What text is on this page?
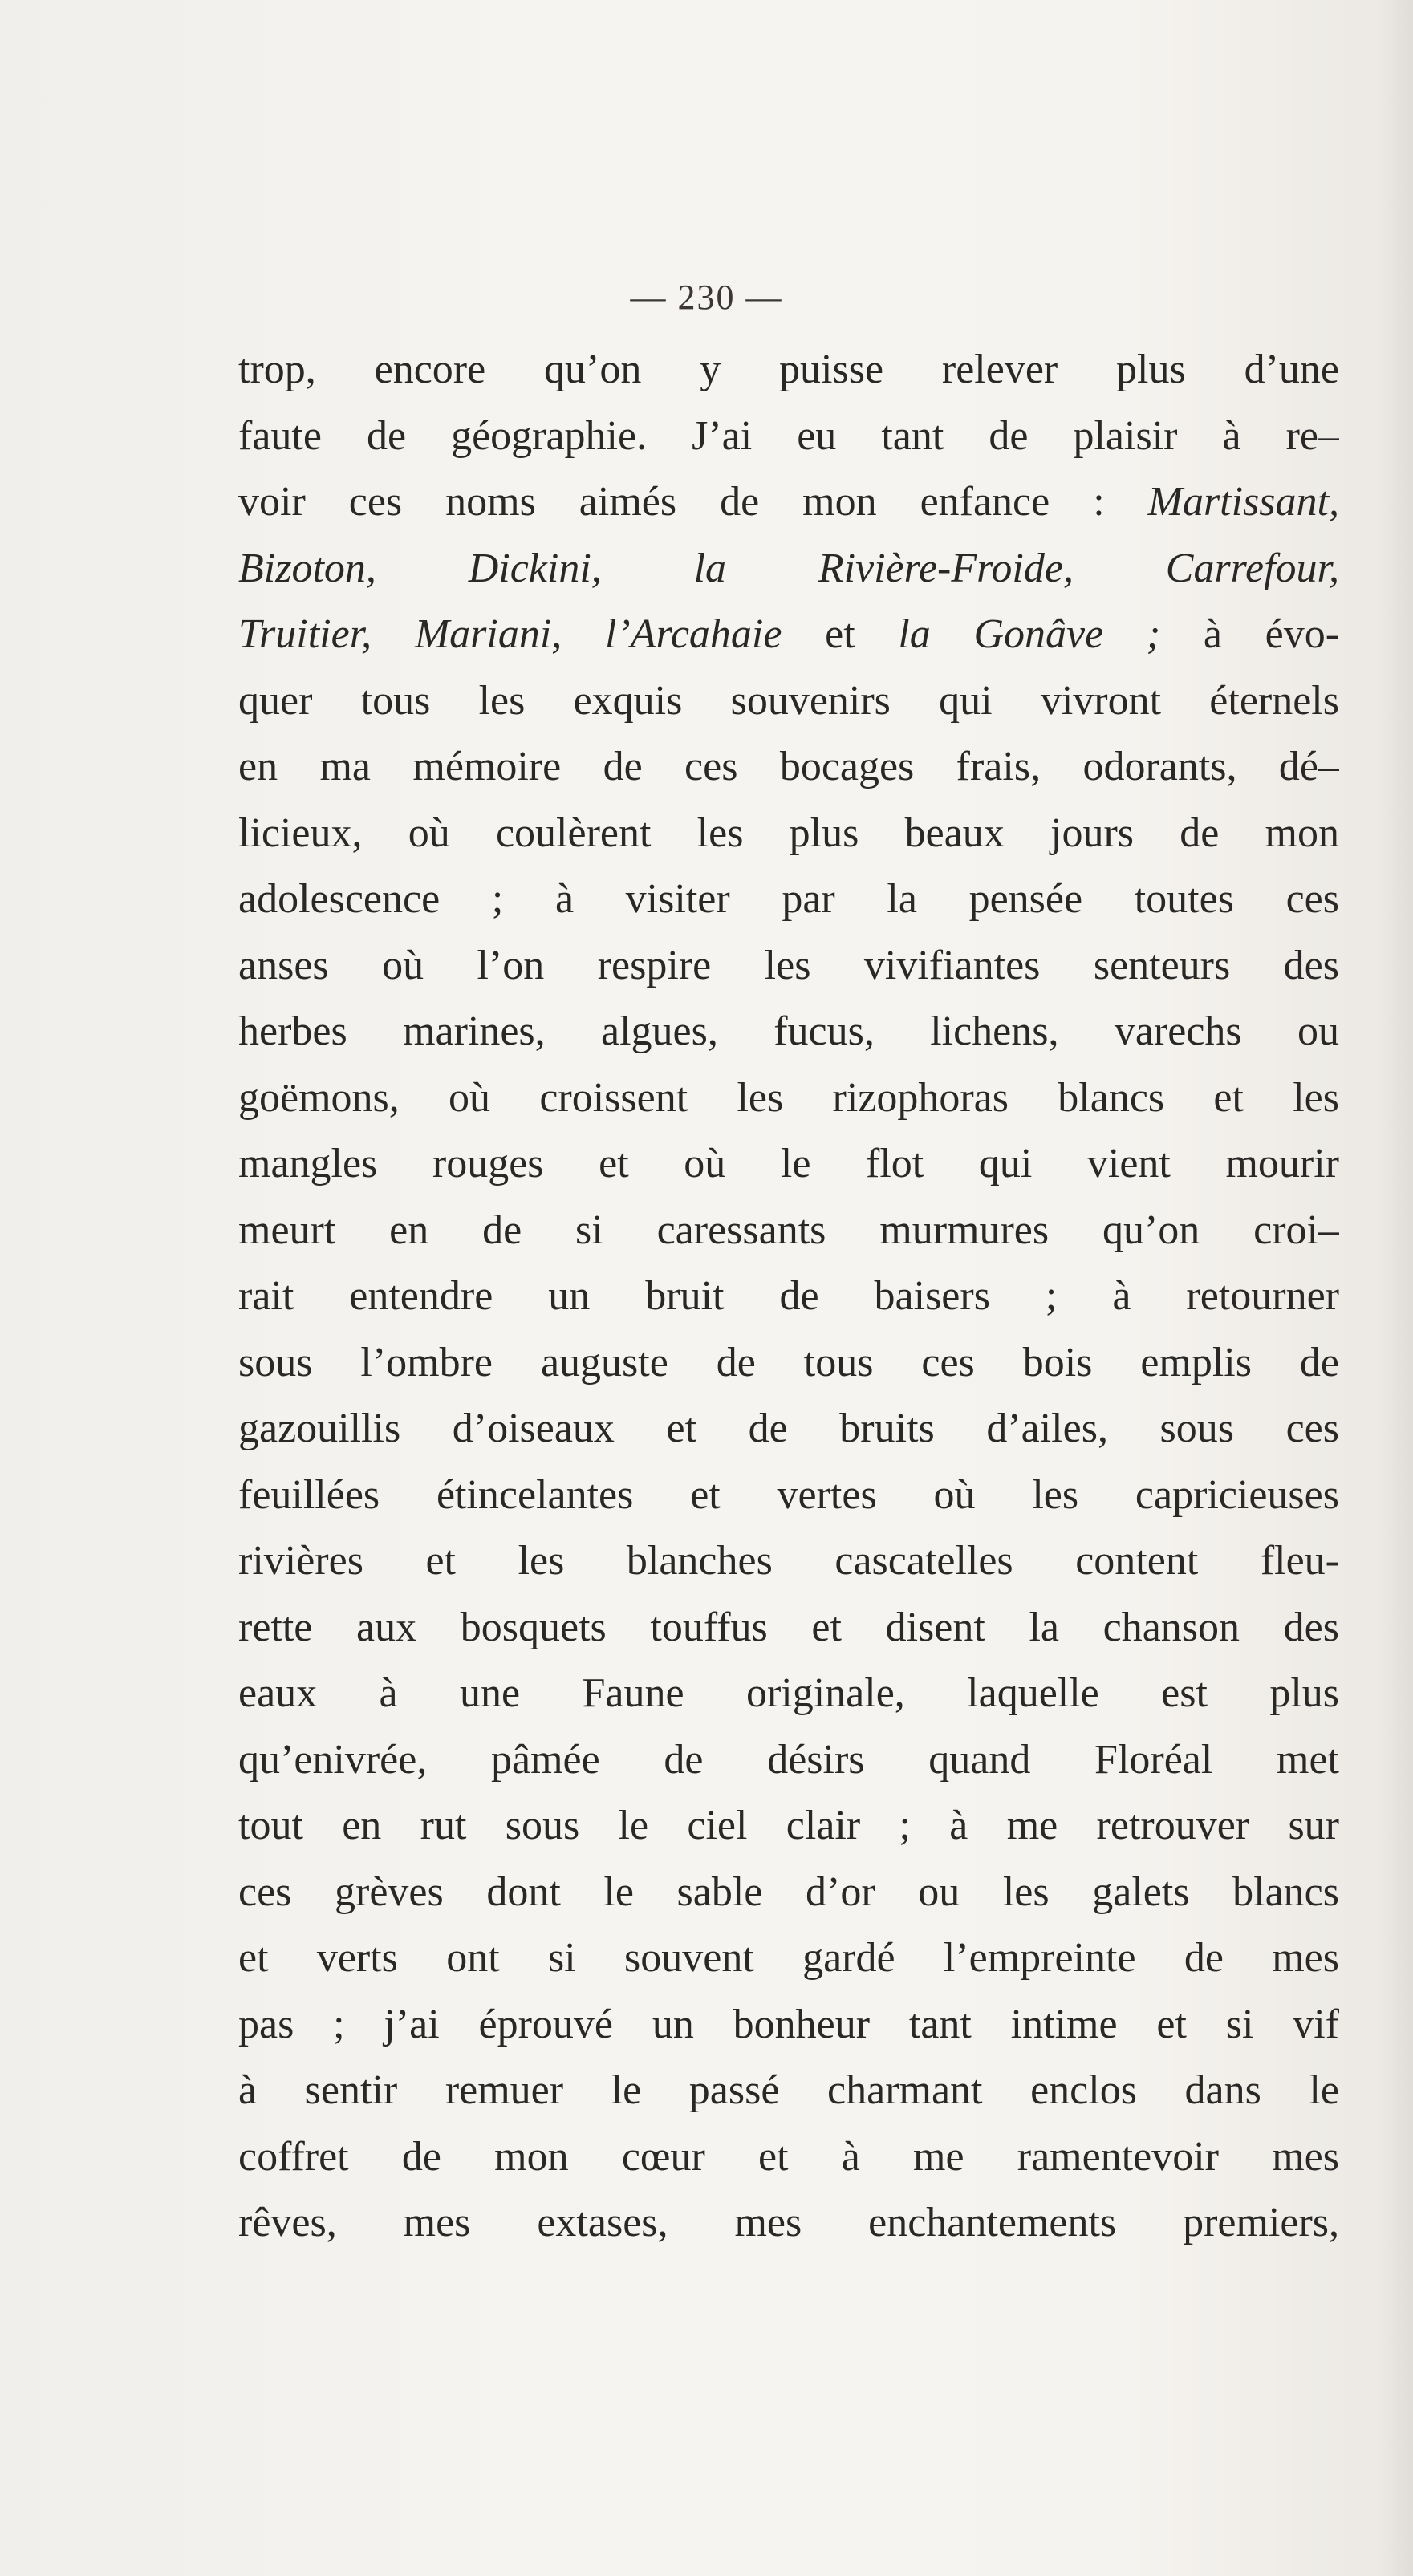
— 230 —
trop, encore qu’on y puisse relever plus d’une
faute de géographie. J’ai eu tant de plaisir à re–
voir ces noms aimés de mon enfance : Martissant,
Bizoton, Dickini, la Rivière-Froide, Carrefour,
Truitier, Mariani, l’Arcahaie et la Gonâve ; à évo-
quer tous les exquis souvenirs qui vivront éternels
en ma mémoire de ces bocages frais, odorants, dé–
licieux, où coulèrent les plus beaux jours de mon
adolescence ; à visiter par la pensée toutes ces
anses où l’on respire les vivifiantes senteurs des
herbes marines, algues, fucus, lichens, varechs ou
goëmons, où croissent les rizophoras blancs et les
mangles rouges et où le flot qui vient mourir
meurt en de si caressants murmures qu’on croi–
rait entendre un bruit de baisers ; à retourner
sous l’ombre auguste de tous ces bois emplis de
gazouillis d’oiseaux et de bruits d’ailes, sous ces
feuillées étincelantes et vertes où les capricieuses
rivières et les blanches cascatelles content fleu-
rette aux bosquets touffus et disent la chanson des
eaux à une Faune originale, laquelle est plus
qu’enivrée, pâmée de désirs quand Floréal met
tout en rut sous le ciel clair ; à me retrouver sur
ces grèves dont le sable d’or ou les galets blancs
et verts ont si souvent gardé l’empreinte de mes
pas ; j’ai éprouvé un bonheur tant intime et si vif
à sentir remuer le passé charmant enclos dans le
coffret de mon cœur et à me ramentevoir mes
rêves, mes extases, mes enchantements premiers,
